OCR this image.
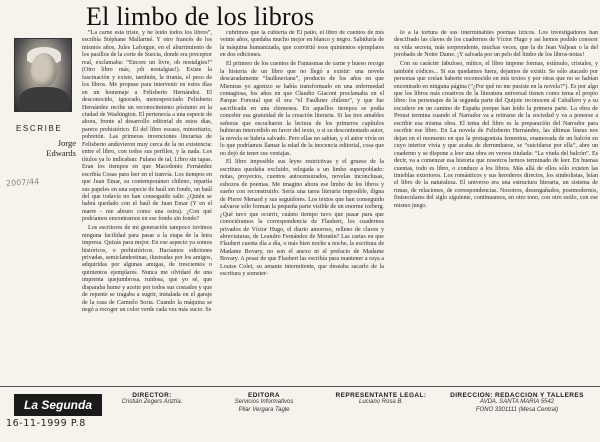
El limbo de los libros
ESCRIBE
Jorge Edwards
2007/44

“La carne está triste, y he leído todos los libros”, escribía Stéphane Mallarmé. Y otro francés de los mismos años, Jules Laforgue, en el aburrimiento de los pasillos de la corte de Suecia, donde era preceptor real, exclamaba: “Encore un livre, oh nostalgies!” (Otro libro más, ¡oh nostalgias!). Existe la fascinación y existe, también, la tiranía, el peso de los libros. Me propuse para intervenir en estos días en un homenaje a Felisberto Hernández. El desconocido, ignorado, menospreciado Felisberto Hernández recibe un reconocimiento póstumo en la ciudad de Washington. El pertenecía a una especie de ahora, frente al desarrollo editorial de estos días, parece prehistórico. Él del libro escaso, minoritario, pobretón. Las primeras invenciones literarias de Felisberto anduvieron muy cerca de la no existencia: entre el libro, con todos sus perfiles, y la nada. Los títulos ya lo indicaban: Fulano de tal, Libro sin tapas. Eran los tiempos en que Macedonio Fernández escribía Cosas para leer en el tranvía. Los tiempos en que Juan Emar, su contemporáneo chileno, repartía sus papeles en una especie de baúl sin fondo, un baúl del que todavía no han conseguido salir. ¿Quién se habrá quedado con el baúl de Juan Emar (Y en el marre - me abruro como una ostra). ¿Con qué podríamos encontrarnos en ese fondo sin fondo?

Los escritores de mi generación tampoco tuvimos ninguna facilidad para pasar a la etapa de la letra impresa. Quizás para mejor. En ese aspecto ya somos históricos, o prehistóricos. Hacíamos ediciones privadas, semiclandestinas, ilustradas por los amigos, adquiridas por algunas amigas, de trescientos o quinientos ejemplares. Nunca me olvidaré de una imprenta quejumbrosa, ruidosa, que yo sé, que disparaba humo y aceite por todos sus costados y que de repente se tragaba a sugrir, instalada en el garaje de la casa de Carmelo Soria. Cuando la máquina se negó a rocoger un color verde cada vez más sucio. Se

cubrimos que la cubierta de El patio, el libro de cuentos de mis veinte años, quedaba mucho mejor en blanco y negro. Sabiduría de la máquina humanizada, que convirtió esos quinientos ejemplares en dos ediciones.

El primero de los cuentos de Fantasmas de carne y hueso recoge la historia de un libro que no llegó a existir: una novela descaradamente “faulkneriana”, producto de los años en que Mientras yo agonizo se había transformado en una enfermedad contagiosa, los años en que Claudio Giaconi proclamaba en el Parque Forestal que él era “el Faulkner chileno”, y que fue sacrificada en una chimenea. En aquellos tiempos se podía concebir esa gratuidad de la creación literaria. Si las tres amables señoras que escucharon la lectura de los primeros capítulos hubieran intercedido en favor del texto, o si su descontentado autor, la novela se habría salvado. Pero ellas no sabían, y el autor vivía en lo que podríamos llamar la edad de la inocencia editorial, cosa que no dejó de tener sus ventajas.

El libro imposible sus leyes restrictivas y el grueso de la escritura quedaba excluido, relegada a un limbo superpoblado: notas, proyectos, cuentos autocensurados, novelas inconclusas, esbozos de poemas. Me imagino ahora ese limbo de los libros y sueño con reconstruirlo. Sería una tarea literaria imposible, digna de Pierre Menard y sus seguidores. Los textos que han conseguido salvarse sólo forman la pequeña parte visible de un enorme iceberg. ¿Qué tuvo que ocurrir, cuánto tiempo tuvo que pasar para que conociéramos la correspondencia de Flaubert, los cuadernos privados de Víctor Hugo, el diario amoroso, relleno de claves y abreviaturas, de Leandro Fernández de Moratín? Las cartas en que Flaubert cuenta día a día, o más bien noche a noche, la escritura de Madame Bovary, no son el anexo ni el prefacio de Madame Bovary. A pesar de que Flaubert las escribía para mantener a raya a Louise Colet, su amante intermitente, que deseaba sacarlo de la escritura y someter-

lo a la tortura de sus interminables poemas líricos. Los investigadores han descifrado las claves de los cuadernos de Víctor Hugo y así hemos podido conocer su vida secreta, más sorprendente, muchas veces, que la de Jean Valjean o la del jorobado de Notre Dame. ¡Y salvada por un pelo del limbo de los libros-notas!

Con su carácter fabuloso, mítico, el libro impone formas, estímulo, cristales, y también códices... Si sus quedamos fuera, dejamos de existir. Se sólo atacado por personas que creían haberte reconocido en mis textos y por otras que no se habían encontrado en ninguna página (“¿Por qué no me pusiste en la novela?”). Es por algo que los libros más creativos de la literatura universal tienen como tema el propio libro: los personajes de la segunda parte del Quijote reconocen al Caballero y a su escudero en un camino de España porque han leído la primera parte. La obra de Proust termina cuando el Narrador va a retirarse de la sociedad y va a ponerse a escribir esa misma obra. El tema del libro es la preparación del Narrador para escribir ese libro. En La novela de Felisberto Hernández, las últimas líneas nos dejan en el momento en que la protagonista femenina, enamorada de un balcón en cuyo interior vivía y que acaba de derrumbarse, se “suicidarse por ella”, abre un cuaderno y se dispone a leer una obra en versos titulada: “La viuda del balcón”. Es decir, va a comenzar esa historia que nosotros hemos terminado de leer. En buenas cuentas, todo es libro, o conduce a los libros. Más allá de ellos sólo existen las tinieblas exteriores. Los románticos y sus herederos directos, los simbolistas, leían el libro de la naturaleza. El universo era una estructura literaria, un sistema de rimas, de relaciones, de correspondencias. Nosotros, desengañados, postmodernos, finiseculares del siglo siguiente, continuamos, en otro tono, con otro estilo, con ese mismo juego.

La Segunda
16-11-1999 P.8
DIRECTOR:
Cristián Zegers Ariztía.
EDITORA
Servicios Informativos
Pilar Vergara Tagle
REPRESENTANTE LEGAL:
Luciano Rosa B.
DIRECCION: REDACCION Y TALLERES
AVDA. SANTA MARIA 5542
FONO 3301111 (Mesa Central)
